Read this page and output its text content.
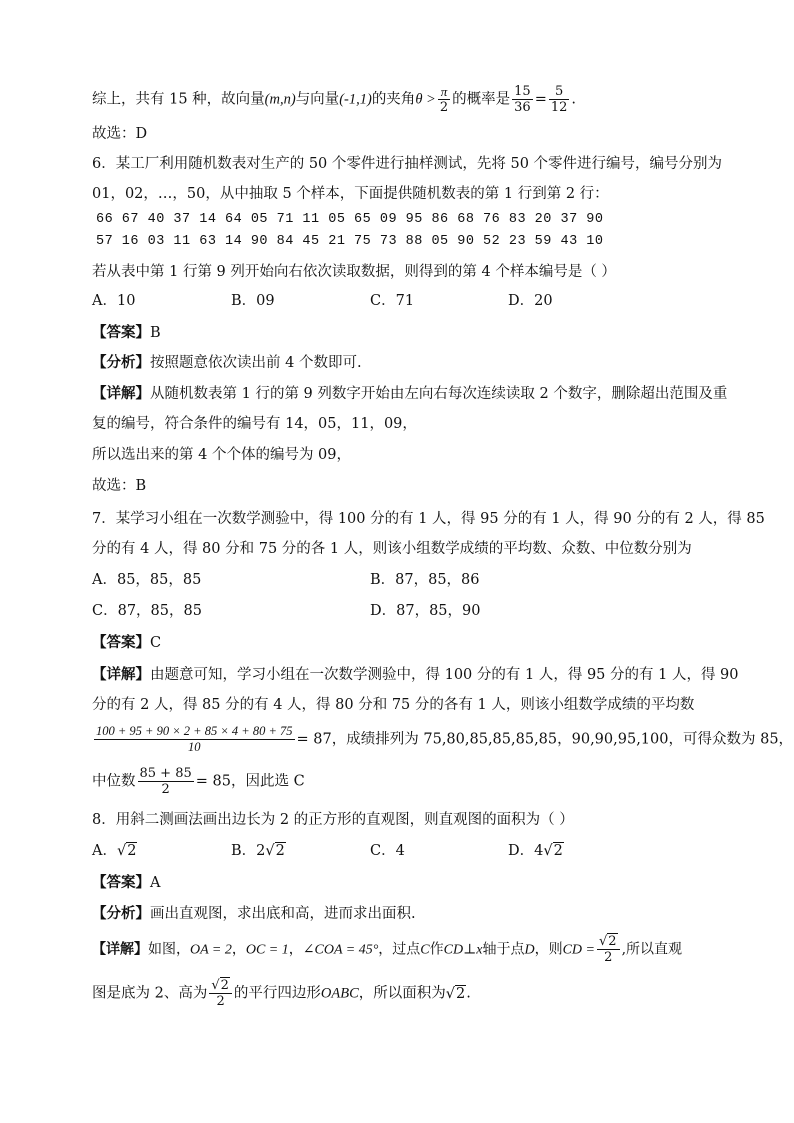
综上，共有 15 种，故向量(m,n)与向量(-1,1)的夹角$\theta > \frac{\pi}{2}$ 的概率是 $\frac{15}{36} = \frac{5}{12}$ .
故选：D
6．某工厂利用随机数表对生产的 50 个零件进行抽样测试，先将 50 个零件进行编号，编号分别为
01，02，…，50，从中抽取 5 个样本，下面提供随机数表的第 1 行到第 2 行：
66 67 40 37 14 64 05 71 11 05 65 09 95 86 68 76 83 20 37 90
57 16 03 11 63 14 90 84 45 21 75 73 88 05 90 52 23 59 43 10
若从表中第 1 行第 9 列开始向右依次读取数据，则得到的第 4 个样本编号是（ ）
A．10	B．09	C．71	D．20
【答案】B
【分析】按照题意依次读出前 4 个数即可.
【详解】从随机数表第 1 行的第 9 列数字开始由左向右每次连续读取 2 个数字，删除超出范围及重
复的编号，符合条件的编号有 14，05，11，09，
所以选出来的第 4 个个体的编号为 09，
故选：B
7．某学习小组在一次数学测验中，得 100 分的有 1 人，得 95 分的有 1 人，得 90 分的有 2 人，得 85
分的有 4 人，得 80 分和 75 分的各 1 人，则该小组数学成绩的平均数、众数、中位数分别为
A．85，85，85	B．87，85，86
C．87，85，85	D．87，85，90
【答案】C
【详解】由题意可知，学习小组在一次数学测验中，得 100 分的有 1 人，得 95 分的有 1 人，得 90
分的有 2 人，得 85 分的有 4 人，得 80 分和 75 分的各有 1 人，则该小组数学成绩的平均数
$\frac{100 + 95 + 90 \times 2 + 85 \times 4 + 80 + 75}{10} = 87$，成绩排列为 75,80,85,85,85,85，90,90,95,100，可得众数为 85，
中位数 $\frac{85 + 85}{2} = 85$，因此选 C
8．用斜二测画法画出边长为 2 的正方形的直观图，则直观图的面积为（ ）
A．√2	B．2√2	C．4	D．4√2
【答案】A
【分析】画出直观图，求出底和高，进而求出面积.
【详解】如图，OA = 2，OC = 1，∠COA = 45°，过点C作CD⊥x轴于点D，则CD = $\frac{√2}{2}$ ,所以直观
图是底为 2、高为 $\frac{√2}{2}$ 的平行四边形OABC，所以面积为√2.
